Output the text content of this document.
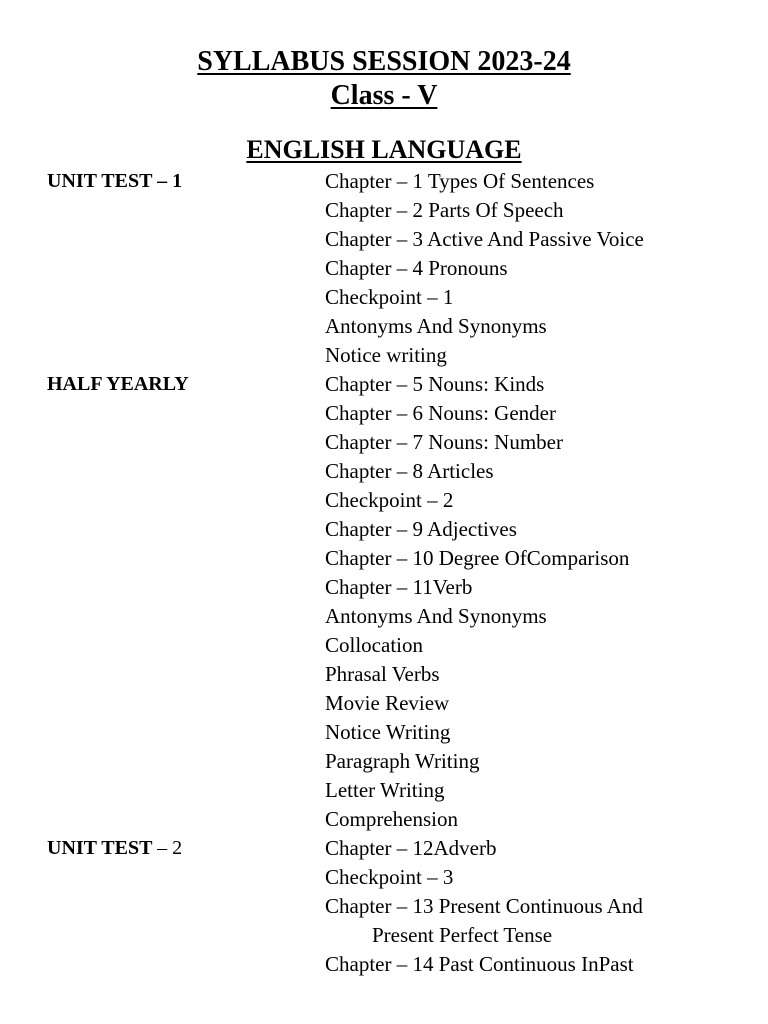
SYLLABUS SESSION 2023-24
Class - V
ENGLISH LANGUAGE
UNIT TEST – 1	Chapter – 1 Types Of Sentences
Chapter – 2 Parts Of Speech
Chapter – 3 Active And Passive Voice
Chapter – 4 Pronouns
Checkpoint – 1
Antonyms And Synonyms
Notice writing
HALF YEARLY	Chapter – 5 Nouns: Kinds
Chapter – 6 Nouns: Gender
Chapter – 7 Nouns: Number
Chapter – 8 Articles
Checkpoint – 2
Chapter – 9 Adjectives
Chapter – 10 Degree OfComparison
Chapter – 11Verb
Antonyms And Synonyms
Collocation
Phrasal Verbs
Movie Review
Notice Writing
Paragraph Writing
Letter Writing
Comprehension
UNIT TEST – 2	Chapter – 12Adverb
Checkpoint – 3
Chapter – 13 Present Continuous And
Present Perfect Tense
Chapter – 14 Past Continuous InPast
